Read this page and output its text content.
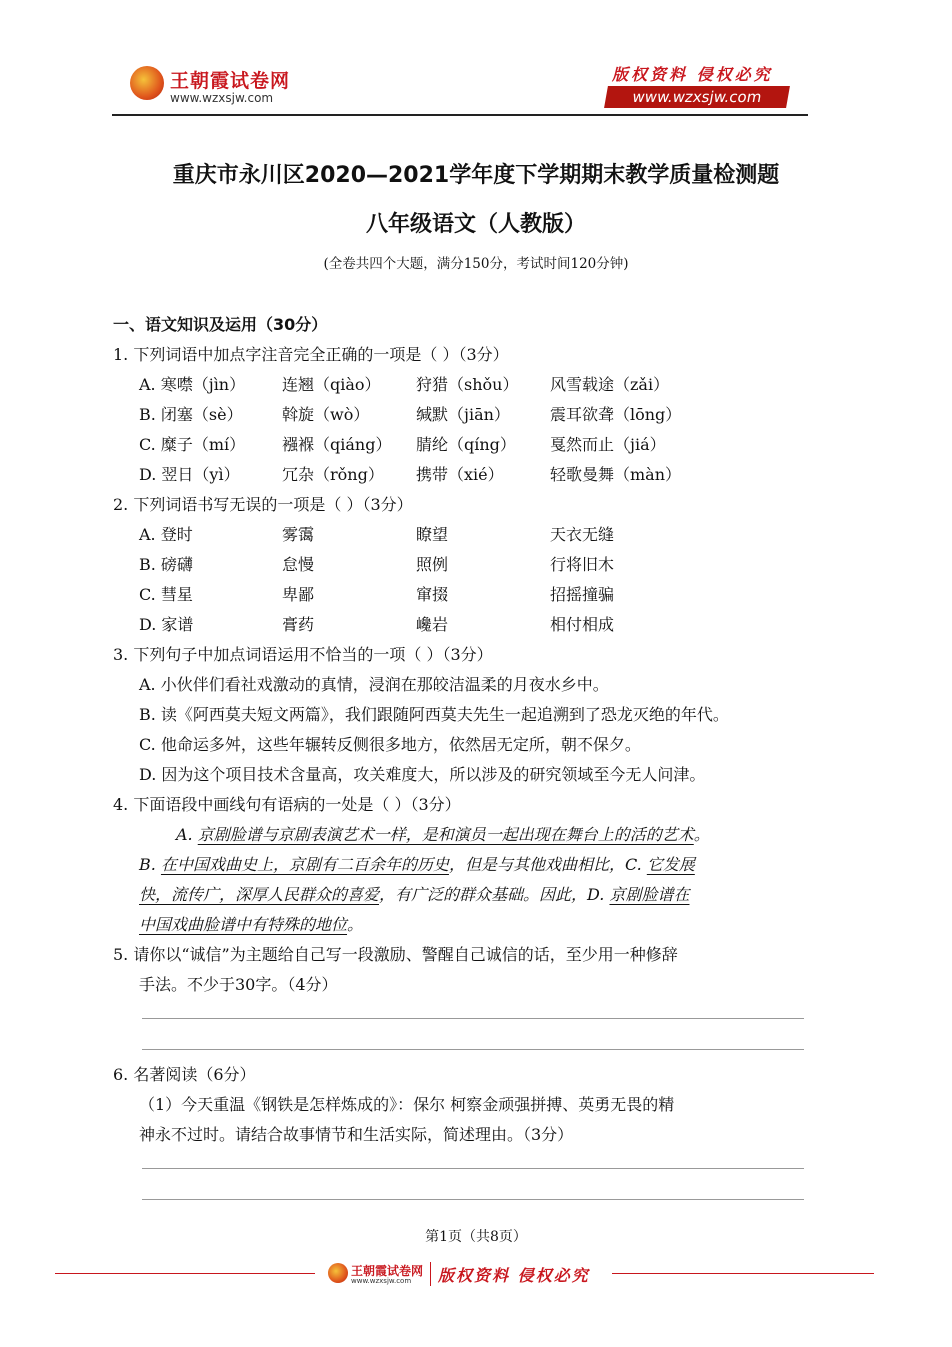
王朝霞试卷网
www.wzxsjw.com
版权资料 侵权必究
www.wzxsjw.com
重庆市永川区2020—2021学年度下学期期末教学质量检测题
八年级语文（人教版）
(全卷共四个大题，满分150分，考试时间120分钟)
一、语文知识及运用（30分）
1. 下列词语中加点字注音完全正确的一项是（ ）（3分）
A. 寒噤（jìn） 连翘（qiào） 狩猎（shǒu） 风雪载途（zǎi）
B. 闭塞（sè） 斡旋（wò）	缄默（jiān）	震耳欲聋（lōng）
C. 糜子（mí） 襁褓（qiáng） 腈纶（qíng） 戛然而止（jiá）
D. 翌日（yì）	冗杂（rǒng） 携带（xié）	轻歌曼舞（màn）
2. 下列词语书写无误的一项是（ ）（3分）
A. 登时	雾霭	瞭望	天衣无缝
B. 磅礴	怠慢	照例	行将旧木
C. 彗星	卑鄙	窜掇	招摇撞骗
D. 家谱	膏药	巉岩	相付相成
3. 下列句子中加点词语运用不恰当的一项（ ）（3分）
A. 小伙伴们看社戏激动的真情，浸润在那皎洁温柔的月夜水乡中。
B. 读《阿西莫夫短文两篇》，我们跟随阿西莫夫先生一起追溯到了恐龙灭绝的年代。
C. 他命运多舛，这些年辗转反侧很多地方，依然居无定所，朝不保夕。
D. 因为这个项目技术含量高，攻关难度大，所以涉及的研究领域至今无人问津。
4. 下面语段中画线句有语病的一处是（ ）（3分）
A. 京剧脸谱与京剧表演艺术一样，是和演员一起出现在舞台上的活的艺术。
B. 在中国戏曲史上，京剧有二百余年的历史，但是与其他戏曲相比，C. 它发展
快，流传广，深厚人民群众的喜爱，有广泛的群众基础。因此，D. 京剧脸谱在
中国戏曲脸谱中有特殊的地位。
5. 请你以“诚信”为主题给自己写一段激励、警醒自己诚信的话，至少用一种修辞
手法。不少于30字。（4分）
6. 名著阅读（6分）
（1）今天重温《钢铁是怎样炼成的》：保尔 柯察金顽强拼搏、英勇无畏的精
神永不过时。请结合故事情节和生活实际，简述理由。（3分）
第1页（共8页）
王朝霞试卷网
www.wzxsjw.com 版权资料 侵权必究
